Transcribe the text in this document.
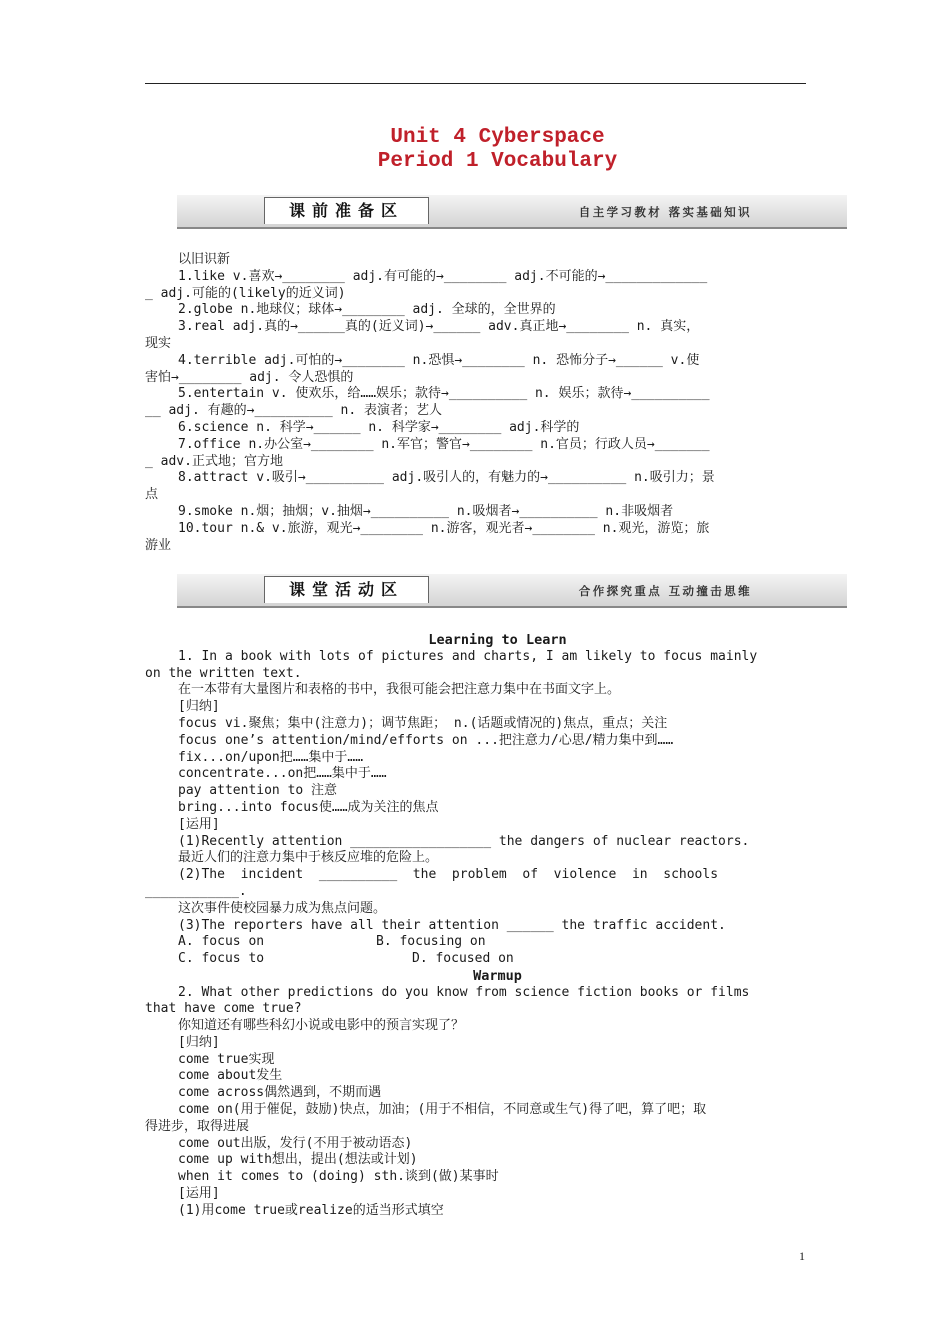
Unit 4 Cyberspace
Period 1 Vocabulary
课前准备区	自主学习教材 落实基础知识
以旧识新
1.like v.喜欢→________ adj.有可能的→________ adj.不可能的→_____________
_ adj.可能的(likely的近义词)
2.globe n.地球仪；球体→________ adj. 全球的，全世界的
3.real adj.真的→______真的(近义词)→______ adv.真正地→________ n. 真实，
现实
4.terrible adj.可怕的→________ n.恐惧→________ n. 恐怖分子→______ v.使
害怕→________ adj. 令人恐惧的
5.entertain v. 使欢乐，给……娱乐；款待→__________ n. 娱乐；款待→__________
__ adj. 有趣的→__________ n. 表演者；艺人
6.science n. 科学→______ n. 科学家→________ adj.科学的
7.office n.办公室→________ n.军官；警官→________ n.官员；行政人员→_______
_ adv.正式地；官方地
8.attract v.吸引→__________ adj.吸引人的，有魅力的→__________ n.吸引力；景
点
9.smoke n.烟；抽烟；v.抽烟→__________ n.吸烟者→__________ n.非吸烟者
10.tour n.& v.旅游，观光→________ n.游客，观光者→________ n.观光，游览；旅
游业
课堂活动区	合作探究重点 互动撞击思维
Learning to Learn
1. In a book with lots of pictures and charts, I am likely to focus mainly
on the written text.
在一本带有大量图片和表格的书中，我很可能会把注意力集中在书面文字上。
[归纳]
focus vi.聚焦；集中(注意力)；调节焦距； n.(话题或情况的)焦点，重点；关注
focus one’s attention/mind/efforts on ...把注意力/心思/精力集中到……
fix...on/upon把……集中于……
concentrate...on把……集中于……
pay attention to 注意
bring...into focus使……成为关注的焦点
[运用]
(1)Recently attention __________________ the dangers of nuclear reactors.
最近人们的注意力集中于核反应堆的危险上。
(2)The  incident  __________  the  problem  of  violence  in  schools
____________.
这次事件使校园暴力成为焦点问题。
(3)The reporters have all their attention ______ the traffic accident.
A. focus on	B. focusing on
C. focus to	D. focused on
Warmup
2. What other predictions do you know from science fiction books or films
that have come true?
你知道还有哪些科幻小说或电影中的预言实现了？
[归纳]
come true实现
come about发生
come across偶然遇到，不期而遇
come on(用于催促，鼓励)快点，加油；(用于不相信，不同意或生气)得了吧，算了吧；取
得进步，取得进展
come out出版，发行(不用于被动语态)
come up with想出，提出(想法或计划)
when it comes to (doing) sth.谈到(做)某事时
[运用]
(1)用come true或realize的适当形式填空
1
